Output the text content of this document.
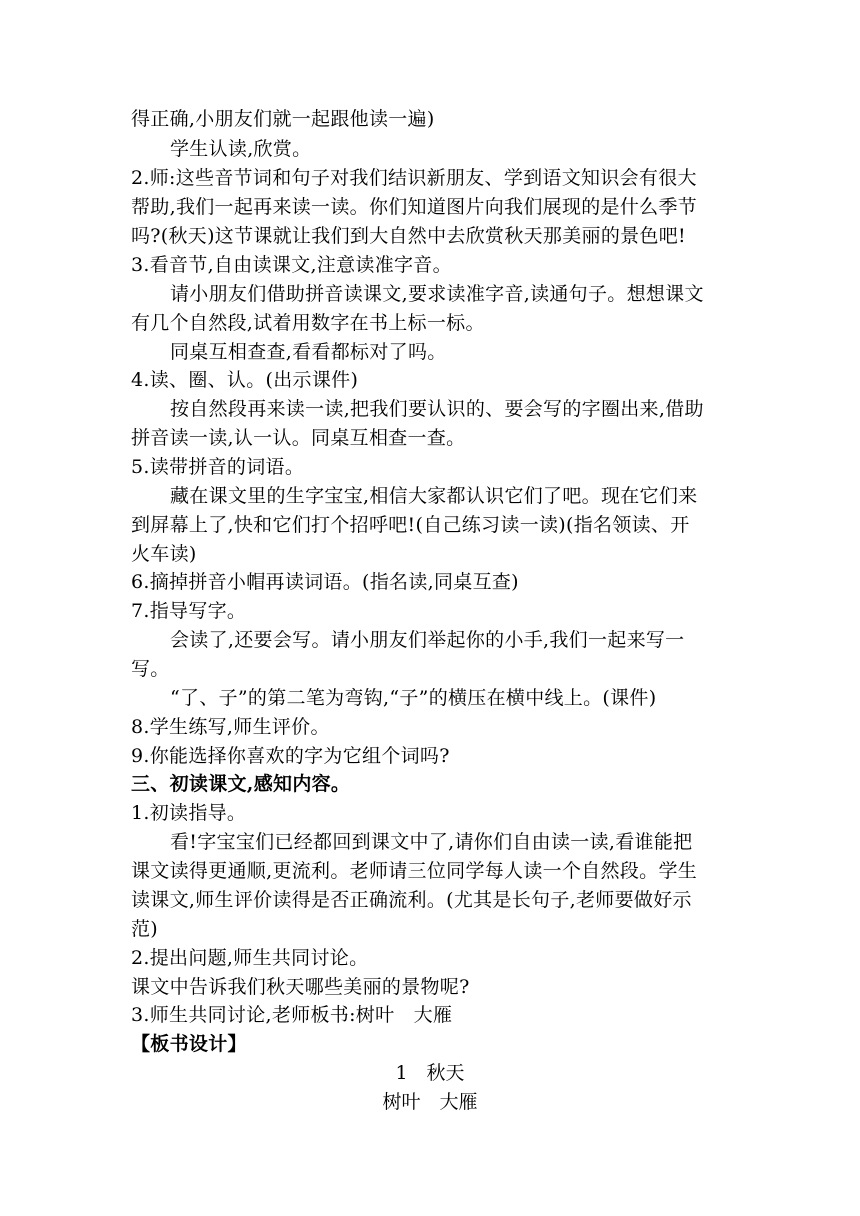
得正确,小朋友们就一起跟他读一遍)
学生认读,欣赏。
2.师:这些音节词和句子对我们结识新朋友、学到语文知识会有很大
帮助,我们一起再来读一读。你们知道图片向我们展现的是什么季节
吗?(秋天)这节课就让我们到大自然中去欣赏秋天那美丽的景色吧!
3.看音节,自由读课文,注意读准字音。
请小朋友们借助拼音读课文,要求读准字音,读通句子。想想课文
有几个自然段,试着用数字在书上标一标。
同桌互相查查,看看都标对了吗。
4.读、圈、认。(出示课件)
按自然段再来读一读,把我们要认识的、要会写的字圈出来,借助
拼音读一读,认一认。同桌互相查一查。
5.读带拼音的词语。
藏在课文里的生字宝宝,相信大家都认识它们了吧。现在它们来
到屏幕上了,快和它们打个招呼吧!(自己练习读一读)(指名领读、开
火车读)
6.摘掉拼音小帽再读词语。(指名读,同桌互查)
7.指导写字。
会读了,还要会写。请小朋友们举起你的小手,我们一起来写一
写。
“了、子”的第二笔为弯钩,“子”的横压在横中线上。(课件)
8.学生练写,师生评价。
9.你能选择你喜欢的字为它组个词吗?
三、初读课文,感知内容。
1.初读指导。
看!字宝宝们已经都回到课文中了,请你们自由读一读,看谁能把
课文读得更通顺,更流利。老师请三位同学每人读一个自然段。学生
读课文,师生评价读得是否正确流利。(尤其是长句子,老师要做好示
范)
2.提出问题,师生共同讨论。
课文中告诉我们秋天哪些美丽的景物呢?
3.师生共同讨论,老师板书:树叶　大雁
【板书设计】
1　秋天
树叶　大雁
